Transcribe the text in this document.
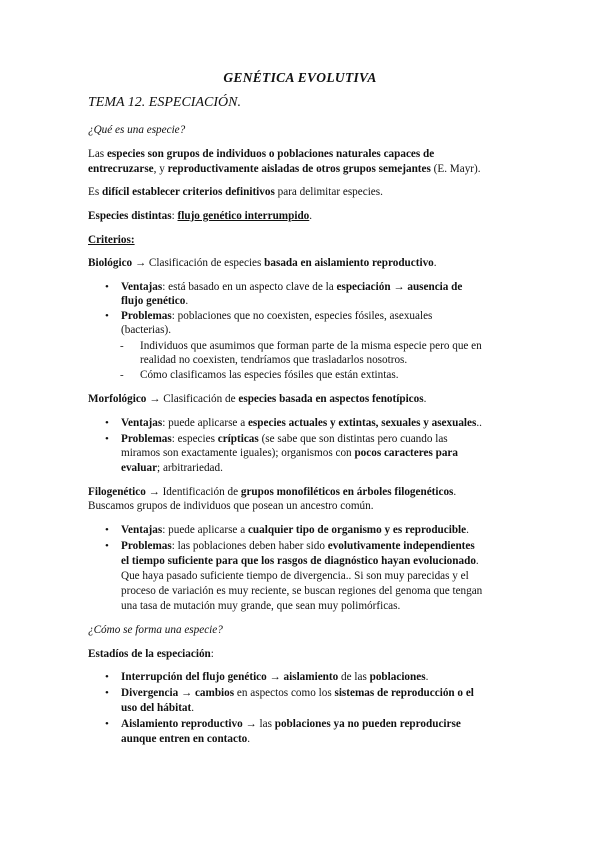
GENÉTICA EVOLUTIVA
TEMA 12. ESPECIACIÓN.
¿Qué es una especie?
Las especies son grupos de individuos o poblaciones naturales capaces de
entrecruzarse, y reproductivamente aisladas de otros grupos semejantes (E. Mayr).
Es difícil establecer criterios definitivos para delimitar especies.
Especies distintas: flujo genético interrumpido.
Criterios:
Biológico → Clasificación de especies basada en aislamiento reproductivo.
• Ventajas: está basado en un aspecto clave de la especiación → ausencia de
flujo genético.
• Problemas: poblaciones que no coexisten, especies fósiles, asexuales
(bacterias).
- Individuos que asumimos que forman parte de la misma especie pero que en
realidad no coexisten, tendríamos que trasladarlos nosotros.
- Cómo clasificamos las especies fósiles que están extintas.
Morfológico → Clasificación de especies basada en aspectos fenotípicos.
• Ventajas: puede aplicarse a especies actuales y extintas, sexuales y asexuales..
• Problemas: especies crípticas (se sabe que son distintas pero cuando las
miramos son exactamente iguales); organismos con pocos caracteres para
evaluar; arbitrariedad.
Filogenético → Identificación de grupos monofiléticos en árboles filogenéticos.
Buscamos grupos de individuos que posean un ancestro común.
• Ventajas: puede aplicarse a cualquier tipo de organismo y es reproducible.
• Problemas: las poblaciones deben haber sido evolutivamente independientes
el tiempo suficiente para que los rasgos de diagnóstico hayan evolucionado.
Que haya pasado suficiente tiempo de divergencia.. Si son muy parecidas y el
proceso de variación es muy reciente, se buscan regiones del genoma que tengan
una tasa de mutación muy grande, que sean muy polimórficas.
¿Cómo se forma una especie?
Estadíos de la especiación:
• Interrupción del flujo genético → aislamiento de las poblaciones.
• Divergencia → cambios en aspectos como los sistemas de reproducción o el
uso del hábitat.
• Aislamiento reproductivo → las poblaciones ya no pueden reproducirse
aunque entren en contacto.
